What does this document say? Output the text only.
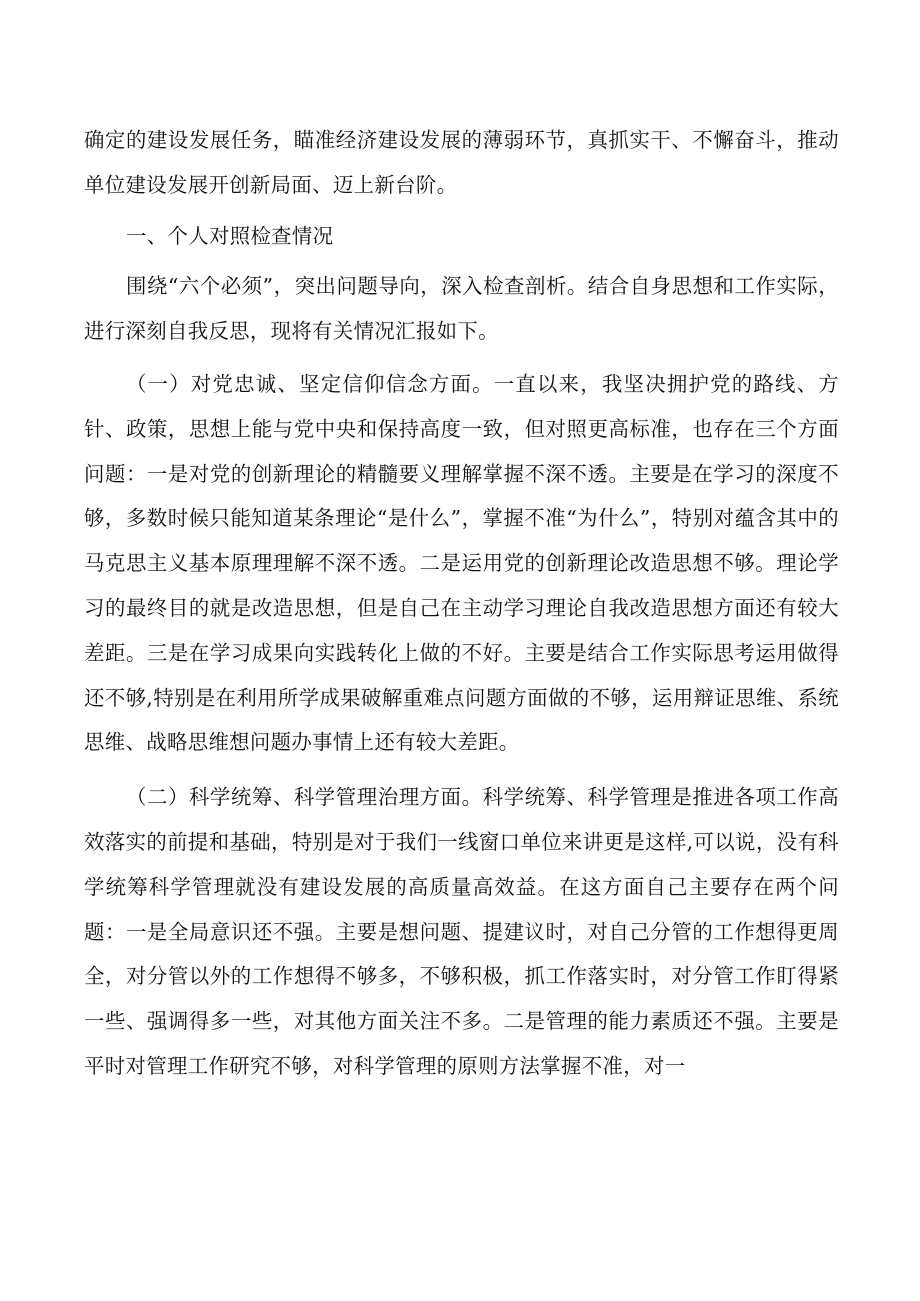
确定的建设发展任务，瞄准经济建设发展的薄弱环节，真抓实干、不懈奋斗，推动单位建设发展开创新局面、迈上新台阶。

一、个人对照检查情况

围绕“六个必须”，突出问题导向，深入检查剖析。结合自身思想和工作实际，进行深刻自我反思，现将有关情况汇报如下。

（一）对党忠诚、坚定信仰信念方面。一直以来，我坚决拥护党的路线、方针、政策，思想上能与党中央和保持高度一致，但对照更高标准，也存在三个方面问题：一是对党的创新理论的精髓要义理解掌握不深不透。主要是在学习的深度不够，多数时候只能知道某条理论“是什么”，掌握不准“为什么”，特别对蕴含其中的马克思主义基本原理理解不深不透。二是运用党的创新理论改造思想不够。理论学习的最终目的就是改造思想，但是自己在主动学习理论自我改造思想方面还有较大差距。三是在学习成果向实践转化上做的不好。主要是结合工作实际思考运用做得还不够,特别是在利用所学成果破解重难点问题方面做的不够，运用辩证思维、系统思维、战略思维想问题办事情上还有较大差距。

（二）科学统筹、科学管理治理方面。科学统筹、科学管理是推进各项工作高效落实的前提和基础，特别是对于我们一线窗口单位来讲更是这样,可以说，没有科学统筹科学管理就没有建设发展的高质量高效益。在这方面自己主要存在两个问题：一是全局意识还不强。主要是想问题、提建议时，对自己分管的工作想得更周全，对分管以外的工作想得不够多，不够积极，抓工作落实时，对分管工作盯得紧一些、强调得多一些，对其他方面关注不多。二是管理的能力素质还不强。主要是平时对管理工作研究不够，对科学管理的原则方法掌握不准，对一
